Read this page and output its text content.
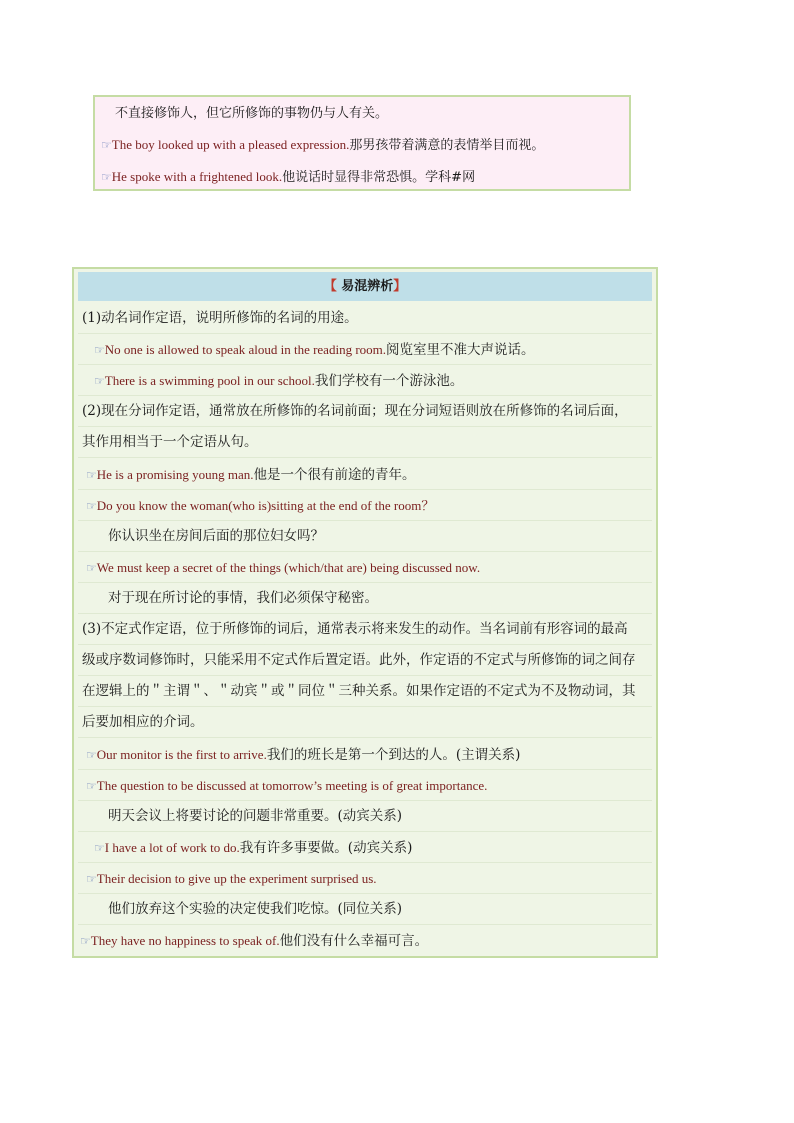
不直接修饰人，但它所修饰的事物仍与人有关。
☞The boy looked up with a pleased expression.那男孩带着满意的表情举目而视。
☞He spoke with a frightened look.他说话时显得非常恐惧。学科#网
【 易混辨析】
(1)动名词作定语，说明所修饰的名词的用途。
☞No one is allowed to speak aloud in the reading room.阅览室里不准大声说话。
☞There is a swimming pool in our school.我们学校有一个游泳池。
(2)现在分词作定语，通常放在所修饰的名词前面；现在分词短语则放在所修饰的名词后面，
其作用相当于一个定语从句。
☞He is a promising young man.他是一个很有前途的青年。
☞Do you know the woman(who is)sitting at the end of the room？
你认识坐在房间后面的那位妇女吗？
☞We must keep a secret of the things (which/that are) being discussed now.
对于现在所讨论的事情，我们必须保守秘密。
(3)不定式作定语，位于所修饰的词后，通常表示将来发生的动作。当名词前有形容词的最高
级或序数词修饰时，只能采用不定式作后置定语。此外，作定语的不定式与所修饰的词之间存
在逻辑上的＂主谓＂、＂动宾＂或＂同位＂三种关系。如果作定语的不定式为不及物动词，其
后要加相应的介词。
☞Our monitor is the first to arrive.我们的班长是第一个到达的人。(主谓关系)
☞The question to be discussed at tomorrow’s meeting is of great importance.
明天会议上将要讨论的问题非常重要。(动宾关系)
☞I have a lot of work to do.我有许多事要做。(动宾关系)
☞Their decision to give up the experiment surprised us.
他们放弃这个实验的决定使我们吃惊。(同位关系)
☞They have no happiness to speak of.他们没有什么幸福可言。
